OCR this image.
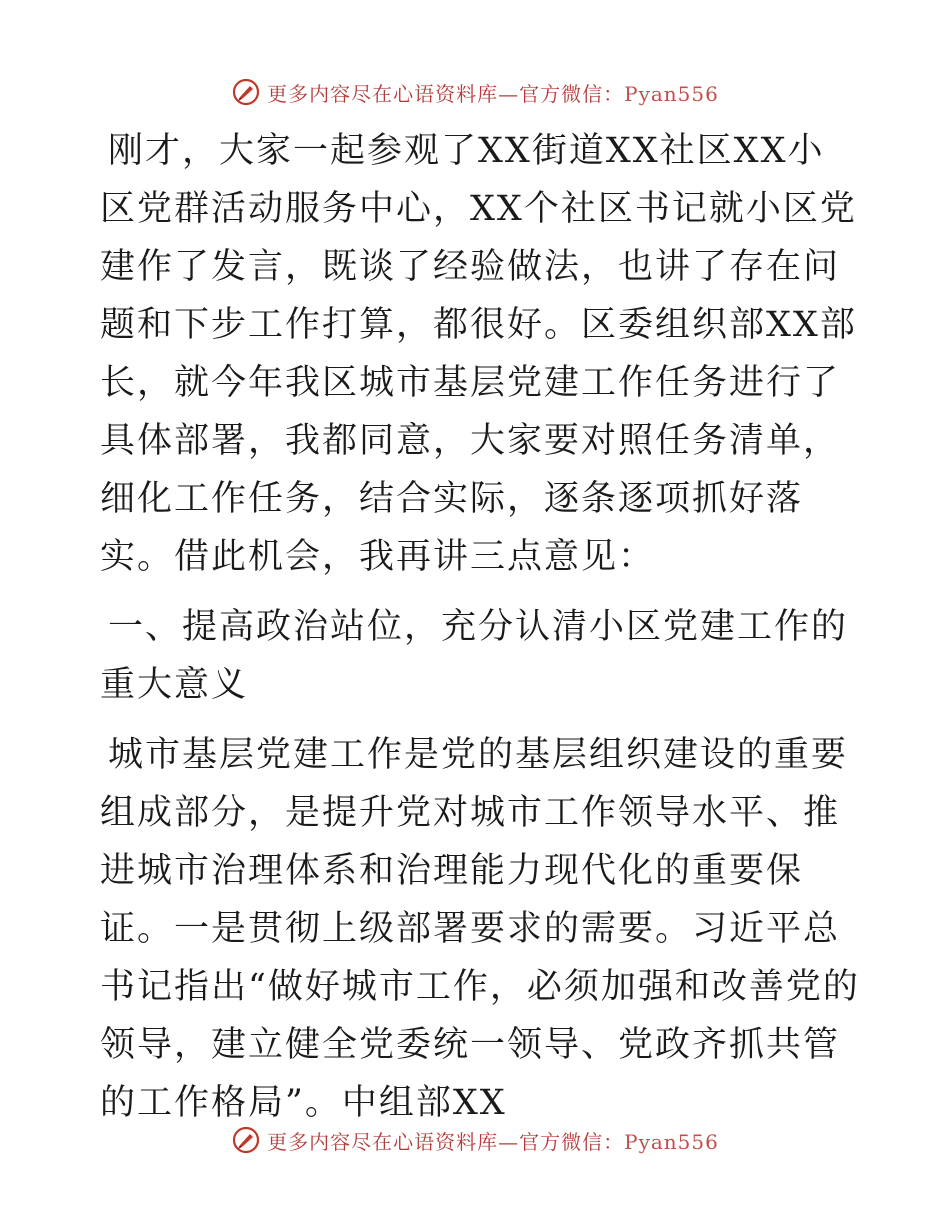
更多内容尽在心语资料库—官方微信：Pyan556

刚才，大家一起参观了XX街道XX社区XX小区党群活动服务中心，XX个社区书记就小区党建作了发言，既谈了经验做法，也讲了存在问题和下步工作打算，都很好。区委组织部XX部长，就今年我区城市基层党建工作任务进行了具体部署，我都同意，大家要对照任务清单，细化工作任务，结合实际，逐条逐项抓好落实。借此机会，我再讲三点意见：

一、提高政治站位，充分认清小区党建工作的重大意义

城市基层党建工作是党的基层组织建设的重要组成部分，是提升党对城市工作领导水平、推进城市治理体系和治理能力现代化的重要保证。一是贯彻上级部署要求的需要。习近平总书记指出“做好城市工作，必须加强和改善党的领导，建立健全党委统一领导、党政齐抓共管的工作格局”。中组部XX

更多内容尽在心语资料库—官方微信：Pyan556
